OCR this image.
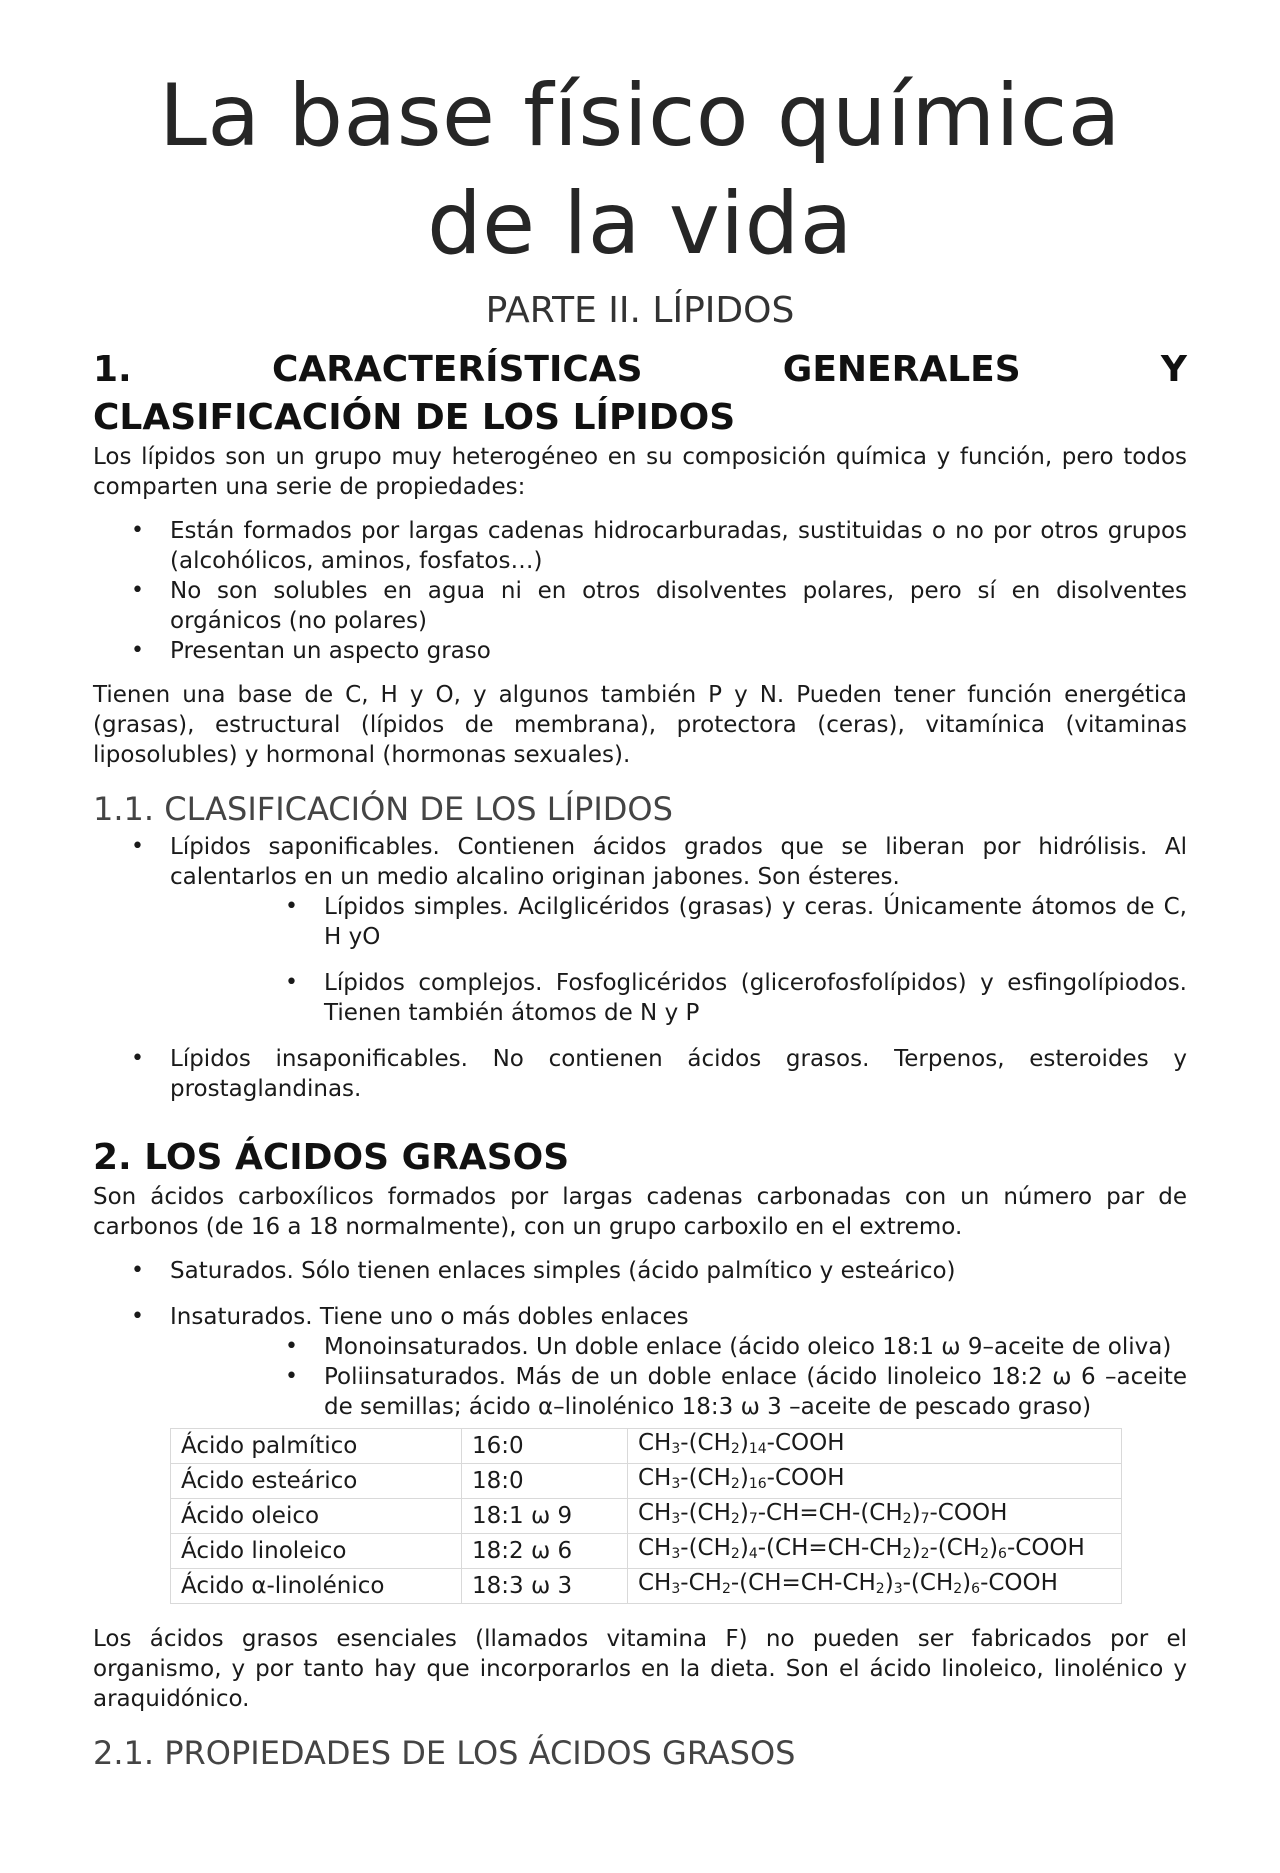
La base físico química de la vida
PARTE II. LÍPIDOS
1.	CARACTERÍSTICAS	GENERALES	Y
CLASIFICACIÓN DE LOS LÍPIDOS

Los lípidos son un grupo muy heterogéneo en su composición química y función, pero todos comparten una serie de propiedades:

• Están formados por largas cadenas hidrocarburadas, sustituidas o no por otros grupos (alcohólicos, aminos, fosfatos…)
• No son solubles en agua ni en otros disolventes polares, pero sí en disolventes orgánicos (no polares)
• Presentan un aspecto graso

Tienen una base de C, H y O, y algunos también P y N. Pueden tener función energética (grasas), estructural (lípidos de membrana), protectora (ceras), vitamínica (vitaminas liposolubles) y hormonal (hormonas sexuales).

1.1. CLASIFICACIÓN DE LOS LÍPIDOS
• Lípidos saponificables. Contienen ácidos grados que se liberan por hidrólisis. Al calentarlos en un medio alcalino originan jabones. Son ésteres.
• Lípidos simples. Acilglicéridos (grasas) y ceras. Únicamente átomos de C, H yO
• Lípidos complejos. Fosfoglicéridos (glicerofosfolípidos) y esfingolípiodos. Tienen también átomos de N y P
• Lípidos insaponificables. No contienen ácidos grasos. Terpenos, esteroides y prostaglandinas.
2. LOS ÁCIDOS GRASOS

Son ácidos carboxílicos formados por largas cadenas carbonadas con un número par de carbonos (de 16 a 18 normalmente), con un grupo carboxilo en el extremo.

• Saturados. Sólo tienen enlaces simples (ácido palmítico y esteárico)
• Insaturados. Tiene uno o más dobles enlaces
• Monoinsaturados. Un doble enlace (ácido oleico 18:1 ω 9–aceite de oliva)
• Poliinsaturados. Más de un doble enlace (ácido linoleico 18:2 ω 6 –aceite de semillas; ácido α–linolénico 18:3 ω 3 –aceite de pescado graso)
Ácido palmítico	16:0	$CH_3-(CH_2)_{14}$-COOH
Ácido esteárico	18:0	$CH_3-(CH_2)_{16}$-COOH
Ácido oleico	18:1 ω 9	$CH_3-(CH_2)_7-CH=CH-(CH_2)_7$-COOH
Ácido linoleico	18:2 ω 6	$CH_3-(CH_2)_4-(CH=CH-CH_2)_2-(CH_2)_6$-COOH
Ácido α-linolénico	18:3 ω 3	$CH_3-CH_2-(CH=CH-CH_2)_3-(CH_2)_6$-COOH

Los ácidos grasos esenciales (llamados vitamina F) no pueden ser fabricados por el organismo, y por tanto hay que incorporarlos en la dieta. Son el ácido linoleico, linolénico y araquidónico.

2.1. PROPIEDADES DE LOS ÁCIDOS GRASOS
